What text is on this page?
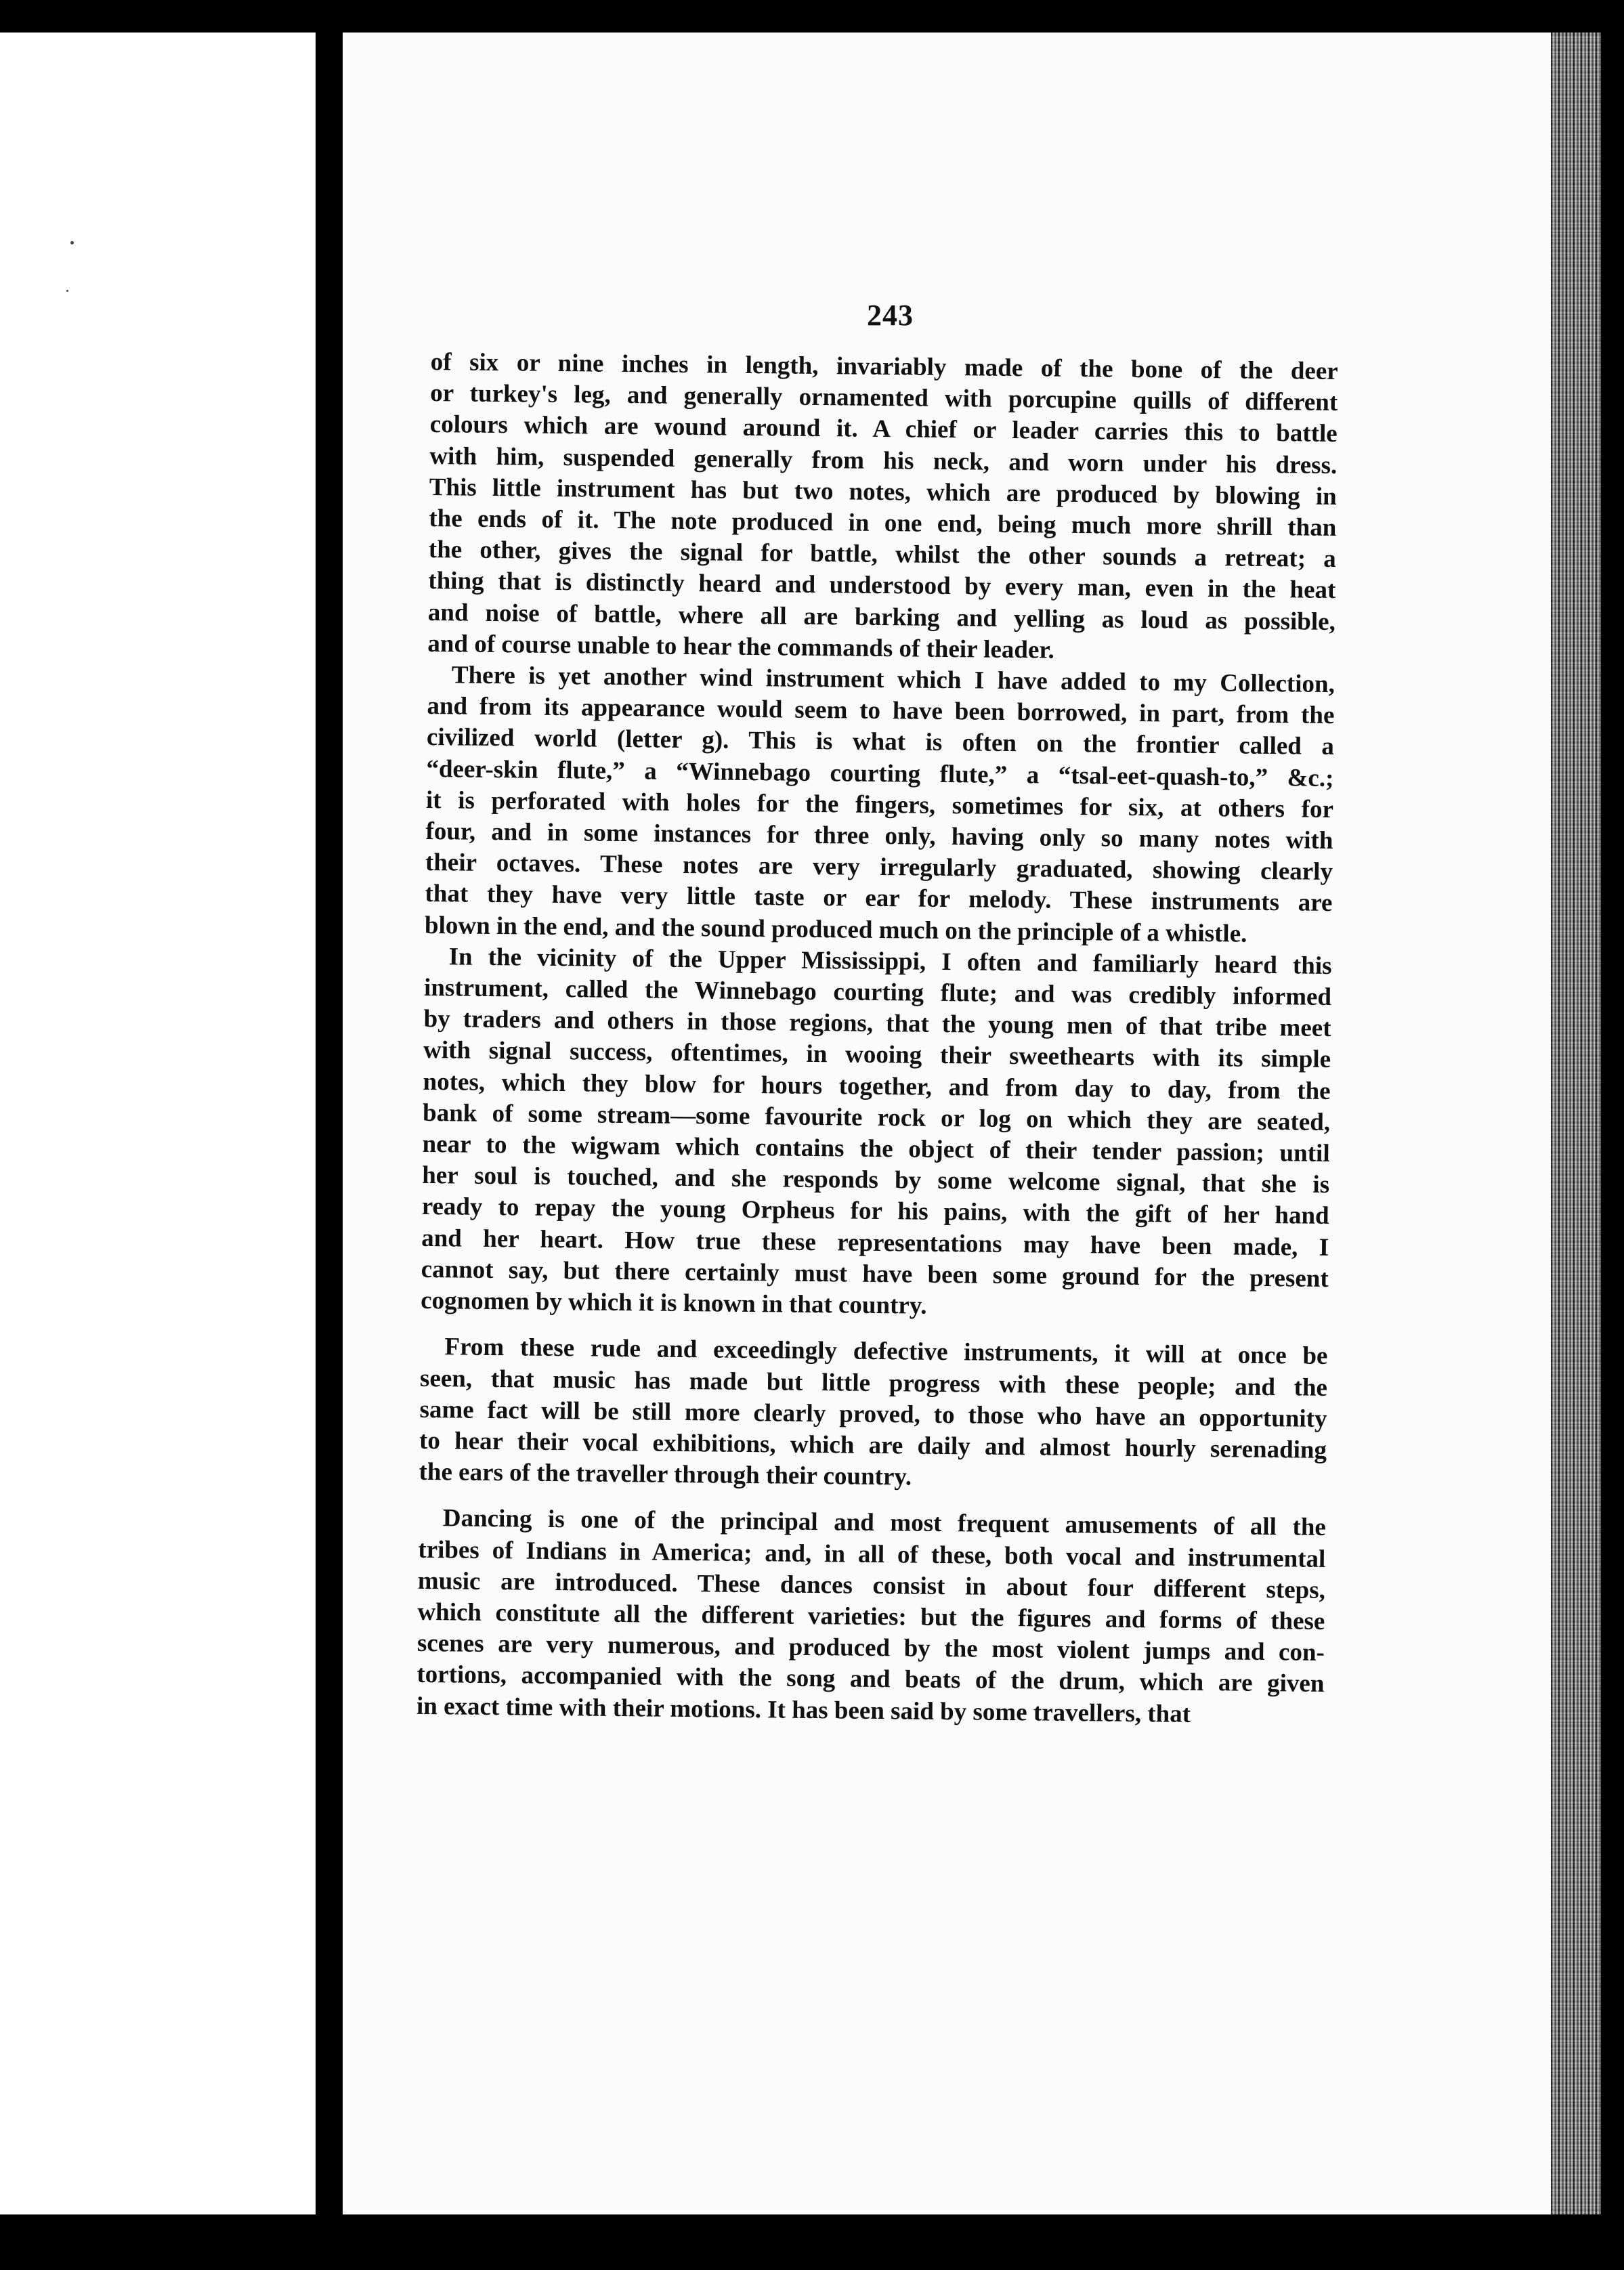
243

of six or nine inches in length, invariably made of the bone of the deer
or turkey's leg, and generally ornamented with porcupine quills of different
colours which are wound around it. A chief or leader carries this to battle
with him, suspended generally from his neck, and worn under his dress.
This little instrument has but two notes, which are produced by blowing in
the ends of it. The note produced in one end, being much more shrill than
the other, gives the signal for battle, whilst the other sounds a retreat; a
thing that is distinctly heard and understood by every man, even in the heat
and noise of battle, where all are barking and yelling as loud as possible,
and of course unable to hear the commands of their leader.

There is yet another wind instrument which I have added to my Collection,
and from its appearance would seem to have been borrowed, in part, from the
civilized world (letter g). This is what is often on the frontier called a
“deer-skin flute,” a “Winnebago courting flute,” a “tsal-eet-quash-to,” &c.;
it is perforated with holes for the fingers, sometimes for six, at others for
four, and in some instances for three only, having only so many notes with
their octaves. These notes are very irregularly graduated, showing clearly
that they have very little taste or ear for melody. These instruments are
blown in the end, and the sound produced much on the principle of a whistle.

In the vicinity of the Upper Mississippi, I often and familiarly heard this
instrument, called the Winnebago courting flute; and was credibly informed
by traders and others in those regions, that the young men of that tribe meet
with signal success, oftentimes, in wooing their sweethearts with its simple
notes, which they blow for hours together, and from day to day, from the
bank of some stream—some favourite rock or log on which they are seated,
near to the wigwam which contains the object of their tender passion; until
her soul is touched, and she responds by some welcome signal, that she is
ready to repay the young Orpheus for his pains, with the gift of her hand
and her heart. How true these representations may have been made, I
cannot say, but there certainly must have been some ground for the present
cognomen by which it is known in that country.

From these rude and exceedingly defective instruments, it will at once be
seen, that music has made but little progress with these people; and the
same fact will be still more clearly proved, to those who have an opportunity
to hear their vocal exhibitions, which are daily and almost hourly serenading
the ears of the traveller through their country.

Dancing is one of the principal and most frequent amusements of all the
tribes of Indians in America; and, in all of these, both vocal and instrumental
music are introduced. These dances consist in about four different steps,
which constitute all the different varieties: but the figures and forms of these
scenes are very numerous, and produced by the most violent jumps and con-
tortions, accompanied with the song and beats of the drum, which are given
in exact time with their motions. It has been said by some travellers, that
